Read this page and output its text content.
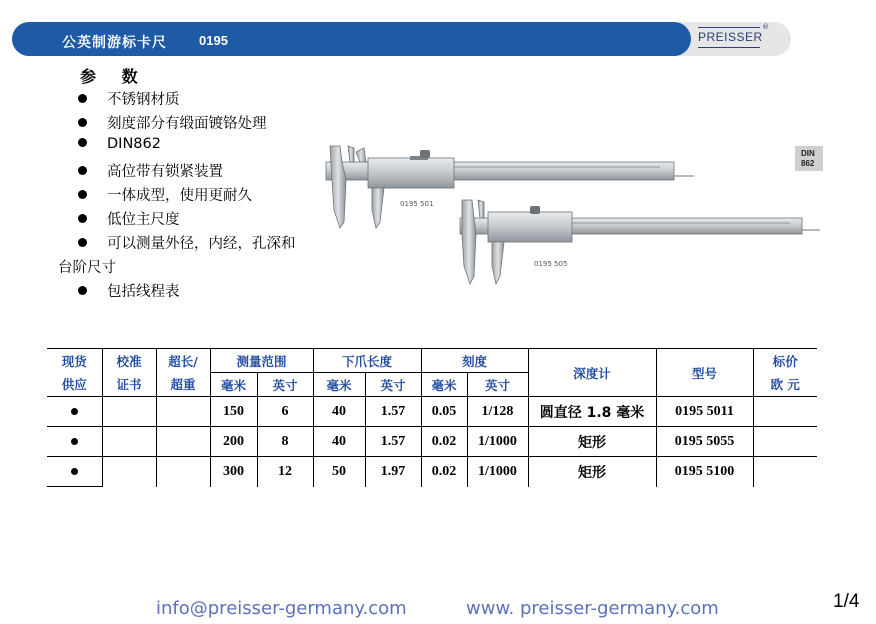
公英制游标卡尺 0195	PREISSER
®
参 数
不锈钢材质
刻度部分有缎面镀铬处理
DIN862
高位带有锁紧装置
一体成型，使用更耐久
低位主尺度
可以测量外径，内经，孔深和
台阶尺寸
包括线程表
0195 501
0195 505
DIN
862
现货	校准	超长/	测量范围		下爪长度		刻度		深度计	型号	标价
供应	证书	超重	毫米	英寸	毫米	英寸	毫米	英寸			欧 元
			150	6	40	1.57	0.05	1/128	圆直径 1.8 毫米	0195 5011	
			200	8	40	1.57	0.02	1/1000	矩形	0195 5055	
			300	12	50	1.97	0.02	1/1000	矩形	0195 5100	
info@preisser-germany.com	www. preisser-germany.com	1/4
